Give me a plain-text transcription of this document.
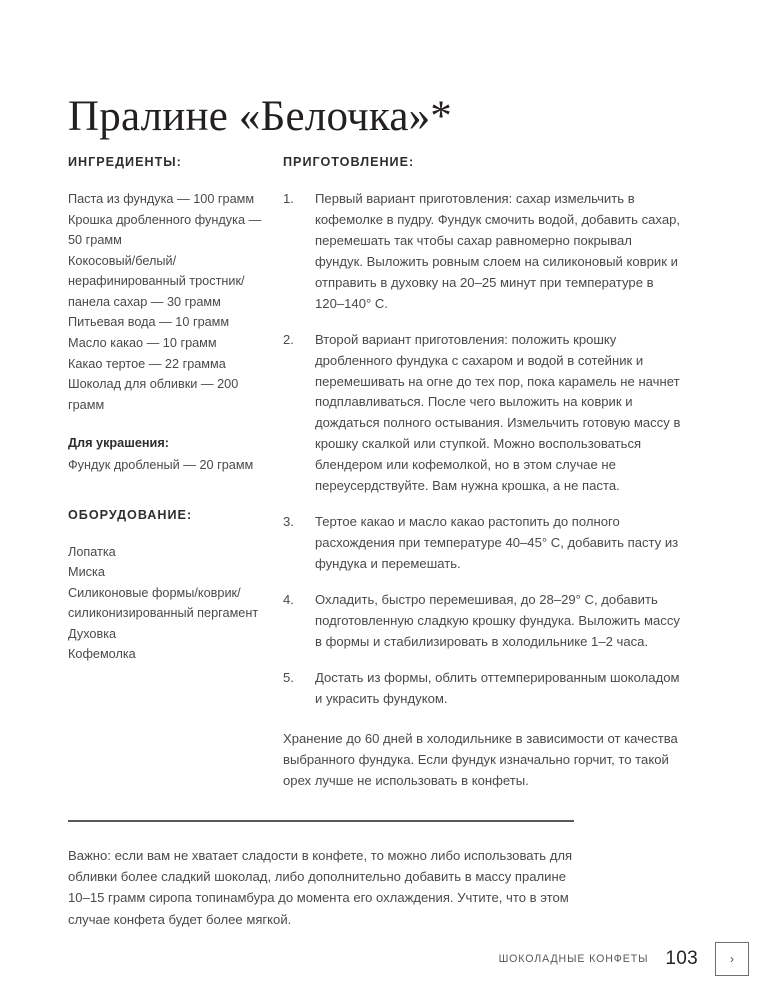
Пралине «Белочка»*
ИНГРЕДИЕНТЫ:
Паста из фундука — 100 грамм
Крошка дробленного фундука — 50 грамм
Кокосовый/белый/нерафинированный тростник/панела сахар — 30 грамм
Питьевая вода — 10 грамм
Масло какао — 10 грамм
Какао тертое — 22 грамма
Шоколад для обливки — 200 грамм
Для украшения:
Фундук дробленый — 20 грамм
ОБОРУДОВАНИЕ:
Лопатка
Миска
Силиконовые формы/коврик/силиконизированный пергамент
Духовка
Кофемолка
ПРИГОТОВЛЕНИЕ:
1.	Первый вариант приготовления: сахар измельчить в кофемолке в пудру. Фундук смочить водой, добавить сахар, перемешать так чтобы сахар равномерно покрывал фундук. Выложить ровным слоем на силиконовый коврик и отправить в духовку на 20–25 минут при температуре в 120–140° C.
2.	Второй вариант приготовления: положить крошку дробленного фундука с сахаром и водой в сотейник и перемешивать на огне до тех пор, пока карамель не начнет подплавливаться. После чего выложить на коврик и дождаться полного остывания. Измельчить готовую массу в крошку скалкой или ступкой. Можно воспользоваться блендером или кофемолкой, но в этом случае не переусердствуйте. Вам нужна крошка, а не паста.
3.	Тертое какао и масло какао растопить до полного расхождения при температуре 40–45° C, добавить пасту из фундука и перемешать.
4.	Охладить, быстро перемешивая, до 28–29° C, добавить подготовленную сладкую крошку фундука. Выложить массу в формы и стабилизировать в холодильнике 1–2 часа.
5.	Достать из формы, облить оттемперированным шоколадом и украсить фундуком.

Хранение до 60 дней в холодильнике в зависимости от качества выбранного фундука. Если фундук изначально горчит, то такой орех лучше не использовать в конфеты.

Важно: если вам не хватает сладости в конфете, то можно либо использовать для обливки более сладкий шоколад, либо дополнительно добавить в массу пралине 10–15 грамм сиропа топинамбура до момента его охлаждения. Учтите, что в этом случае конфета будет более мягкой.

ШОКОЛАДНЫЕ КОНФЕТЫ 103	›
